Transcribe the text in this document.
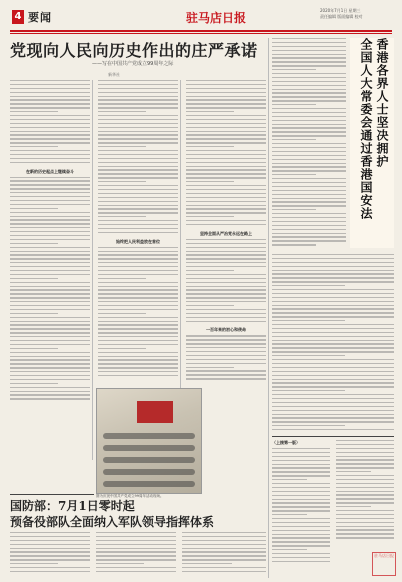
4 要闻	驻马店日报
2020年7月1日 星期三
责任编辑 版面编辑 校对
党现向人民向历史作出的庄严承诺
——写在中国共产党成立99周年之际
新华社
在新的历史起点上继续奋斗
始终把人民利益放在首位
坚持全面从严治党永远在路上
一百年来的初心和使命
图为庆祝中国共产党成立99周年活动现场。
香港各界人士坚决拥护
全国人大常委会通过香港国安法
（上接第一版）
驻马店日报
国防部：7月1日零时起
预备役部队全面纳入军队领导指挥体系
